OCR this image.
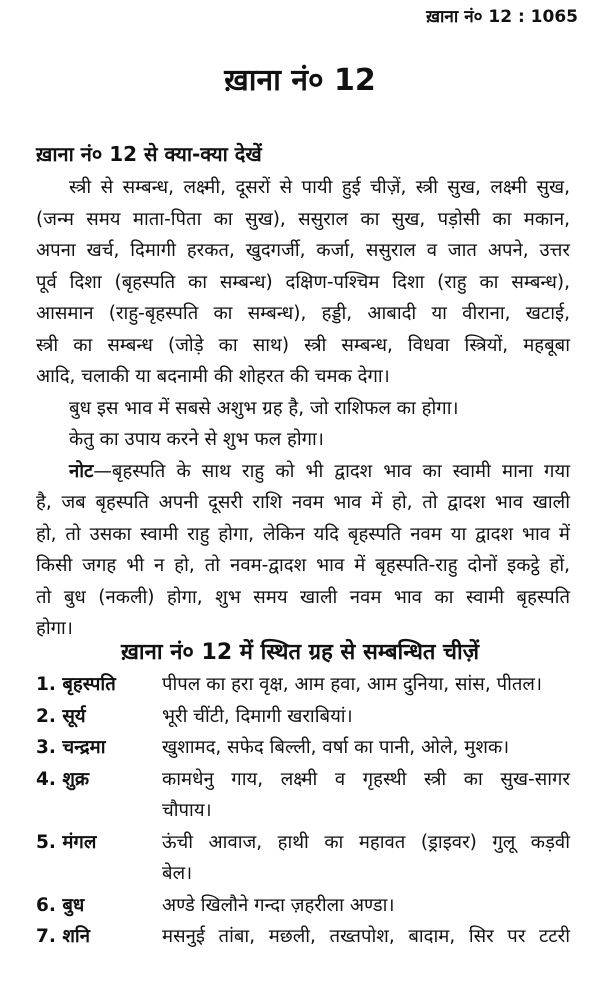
ख़ाना नं० 12 : 1065
ख़ाना नं० 12
ख़ाना नं० 12 से क्या-क्या देखें
स्त्री से सम्बन्ध, लक्ष्मी, दूसरों से पायी हुई चीज़ें, स्त्री सुख, लक्ष्मी सुख,
(जन्म समय माता-पिता का सुख), ससुराल का सुख, पड़ोसी का मकान,
अपना खर्च, दिमागी हरकत, खुदगर्जी, कर्जा, ससुराल व जात अपने, उत्तर
पूर्व दिशा (बृहस्पति का सम्बन्ध) दक्षिण-पश्चिम दिशा (राहु का सम्बन्ध),
आसमान (राहु-बृहस्पति का सम्बन्ध), हड्डी, आबादी या वीराना, खटाई,
स्त्री का सम्बन्ध (जोड़े का साथ) स्त्री सम्बन्ध, विधवा स्त्रियों, महबूबा
आदि, चलाकी या बदनामी की शोहरत की चमक देगा।
बुध इस भाव में सबसे अशुभ ग्रह है, जो राशिफल का होगा।
केतु का उपाय करने से शुभ फल होगा।
नोट—बृहस्पति के साथ राहु को भी द्वादश भाव का स्वामी माना गया
है, जब बृहस्पति अपनी दूसरी राशि नवम भाव में हो, तो द्वादश भाव खाली
हो, तो उसका स्वामी राहु होगा, लेकिन यदि बृहस्पति नवम या द्वादश भाव में
किसी जगह भी न हो, तो नवम-द्वादश भाव में बृहस्पति-राहु दोनों इकट्ठे हों,
तो बुध (नकली) होगा, शुभ समय खाली नवम भाव का स्वामी बृहस्पति
होगा।
ख़ाना नं० 12 में स्थित ग्रह से सम्बन्धित चीज़ें
1. बृहस्पति	पीपल का हरा वृक्ष, आम हवा, आम दुनिया, सांस, पीतल।
2. सूर्य	भूरी चींटी, दिमागी खराबियां।
3. चन्द्रमा	खुशामद, सफेद बिल्ली, वर्षा का पानी, ओले, मुशक।
4. शुक्र	कामधेनु गाय, लक्ष्मी व गृहस्थी स्त्री का सुख-सागर
चौपाय।
5. मंगल	ऊंची आवाज, हाथी का महावत (ड्राइवर) गुलू कड़वी
बेल।
6. बुध	अण्डे खिलौने गन्दा ज़हरीला अण्डा।
7. शनि	मसनुई तांबा, मछली, तख्तपोश, बादाम, सिर पर टटरी
